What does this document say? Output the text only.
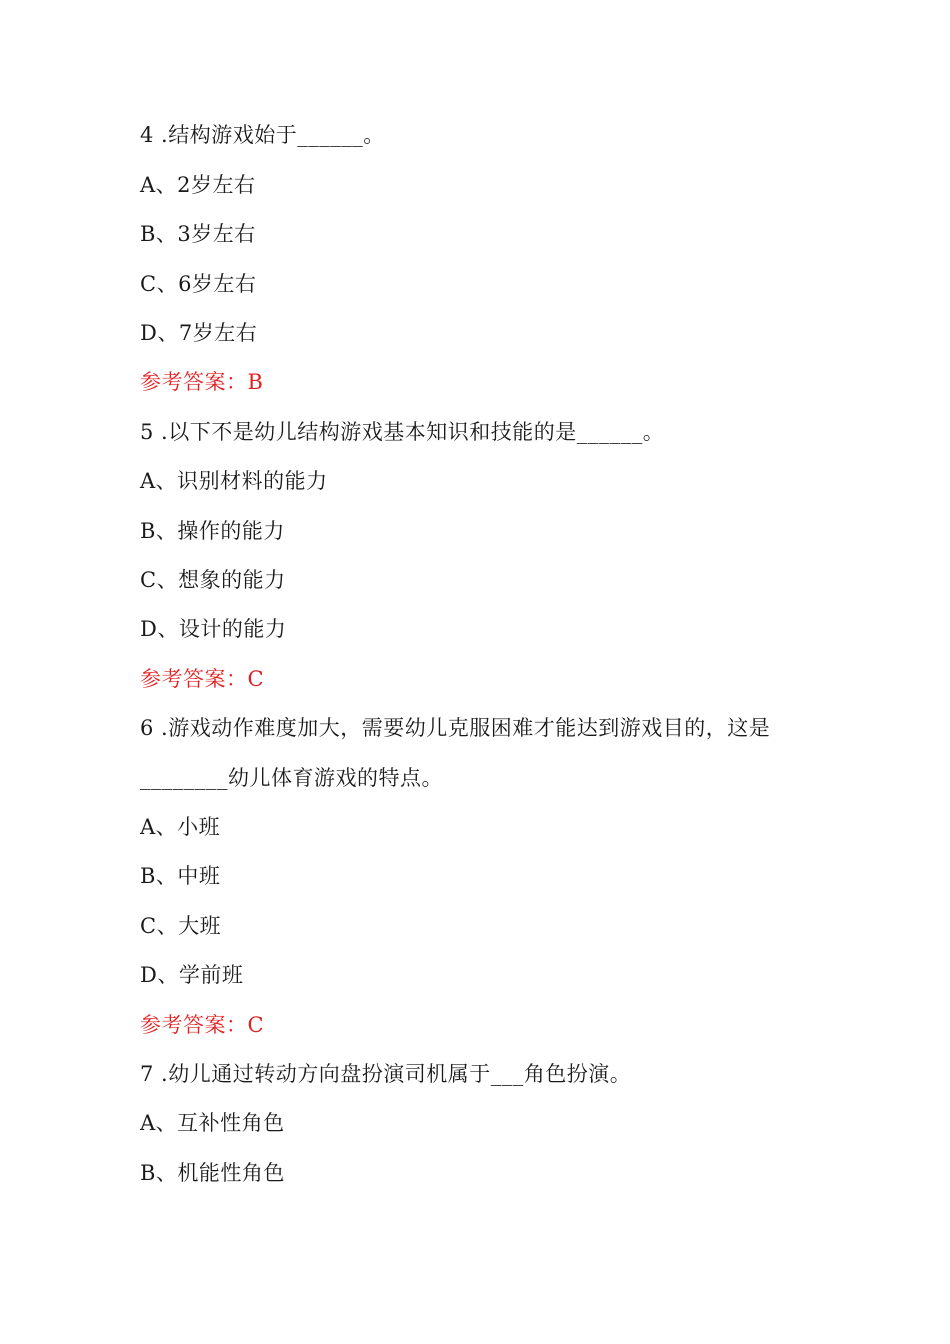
4 .结构游戏始于______。
A、2岁左右
B、3岁左右
C、6岁左右
D、7岁左右
参考答案：B
5 .以下不是幼儿结构游戏基本知识和技能的是______。
A、识别材料的能力
B、操作的能力
C、想象的能力
D、设计的能力
参考答案：C
6 .游戏动作难度加大，需要幼儿克服困难才能达到游戏目的，这是
________幼儿体育游戏的特点。
A、小班
B、中班
C、大班
D、学前班
参考答案：C
7 .幼儿通过转动方向盘扮演司机属于___角色扮演。
A、互补性角色
B、机能性角色
